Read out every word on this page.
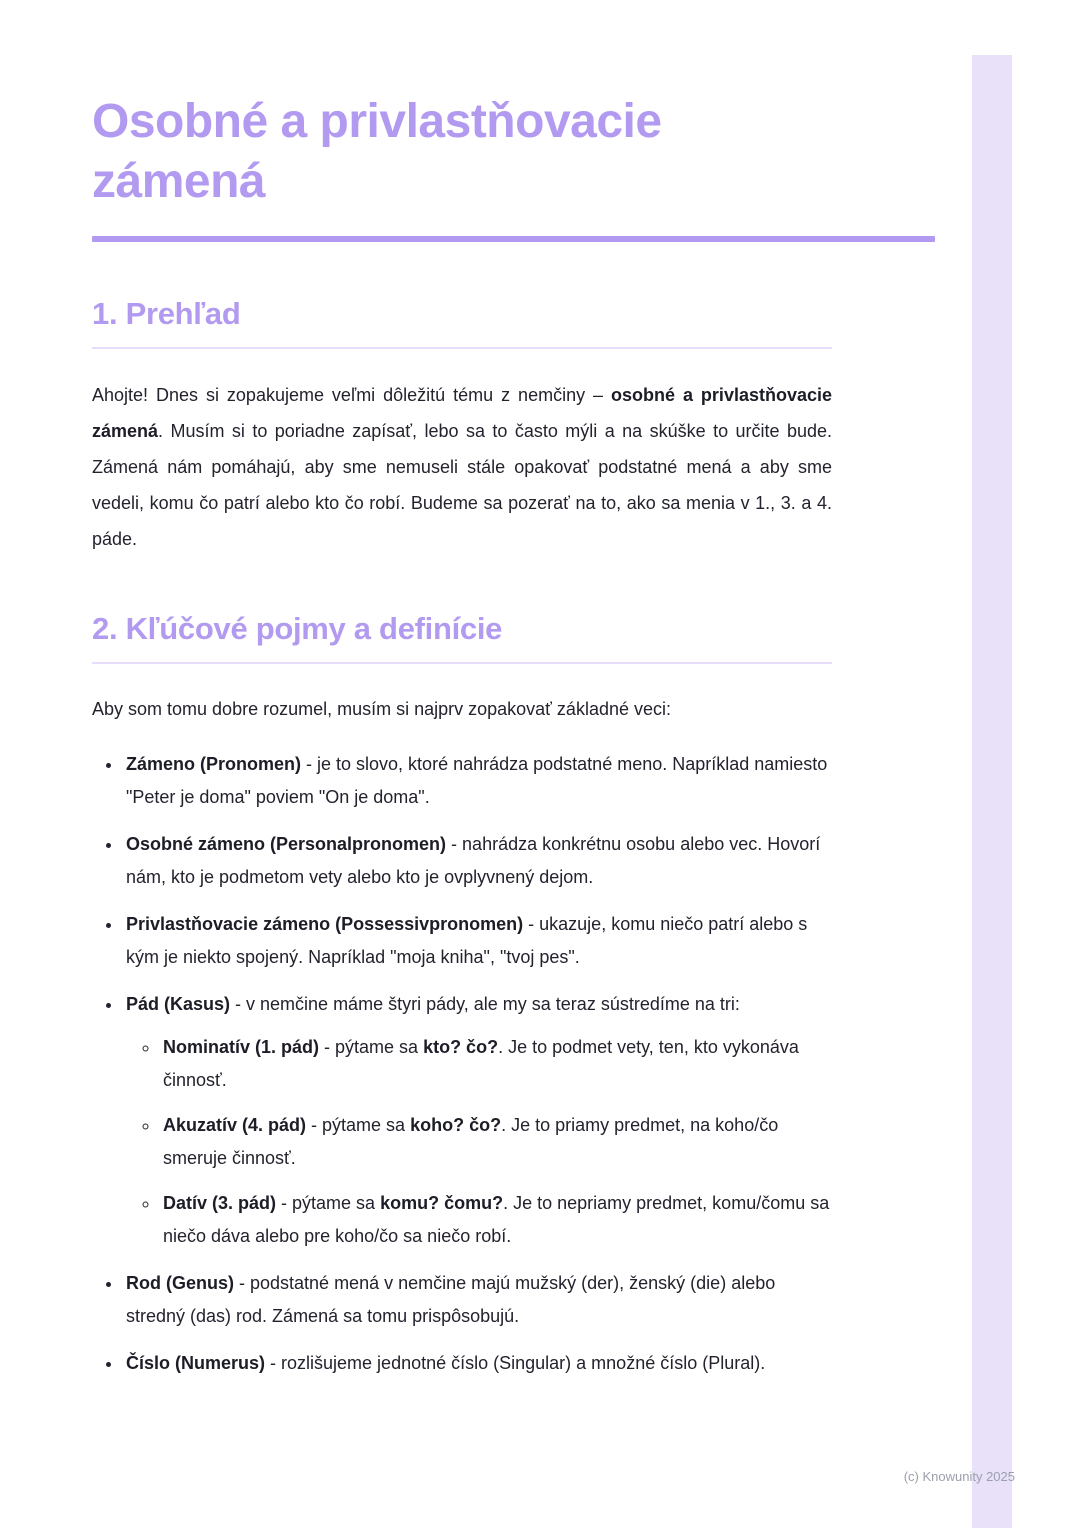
Osobné a privlastňovacie zámená
1. Prehľad

Ahojte! Dnes si zopakujeme veľmi dôležitú tému z nemčiny – osobné a privlastňovacie zámená. Musím si to poriadne zapísať, lebo sa to často mýli a na skúške to určite bude. Zámená nám pomáhajú, aby sme nemuseli stále opakovať podstatné mená a aby sme vedeli, komu čo patrí alebo kto čo robí. Budeme sa pozerať na to, ako sa menia v 1., 3. a 4. páde.

2. Kľúčové pojmy a definície

Aby som tomu dobre rozumel, musím si najprv zopakovať základné veci:

• Zámeno (Pronomen) - je to slovo, ktoré nahrádza podstatné meno. Napríklad namiesto "Peter je doma" poviem "On je doma".
• Osobné zámeno (Personalpronomen) - nahrádza konkrétnu osobu alebo vec. Hovorí nám, kto je podmetom vety alebo kto je ovplyvnený dejom.
• Privlastňovacie zámeno (Possessivpronomen) - ukazuje, komu niečo patrí alebo s kým je niekto spojený. Napríklad "moja kniha", "tvoj pes".
• Pád (Kasus) - v nemčine máme štyri pády, ale my sa teraz sústredíme na tri:
◦ Nominatív (1. pád) - pýtame sa kto? čo?. Je to podmet vety, ten, kto vykonáva činnosť.
◦ Akuzatív (4. pád) - pýtame sa koho? čo?. Je to priamy predmet, na koho/čo smeruje činnosť.
◦ Datív (3. pád) - pýtame sa komu? čomu?. Je to nepriamy predmet, komu/čomu sa niečo dáva alebo pre koho/čo sa niečo robí.
• Rod (Genus) - podstatné mená v nemčine majú mužský (der), ženský (die) alebo stredný (das) rod. Zámená sa tomu prispôsobujú.
• Číslo (Numerus) - rozlišujeme jednotné číslo (Singular) a množné číslo (Plural).
(c) Knowunity 2025
